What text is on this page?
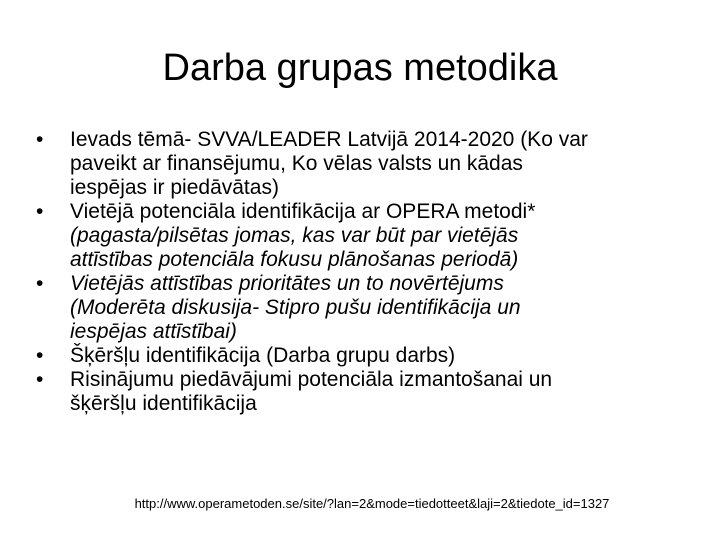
Darba grupas metodika
•	Ievads tēmā- SVVA/LEADER Latvijā 2014-2020 (Ko var
paveikt ar finansējumu, Ko vēlas valsts un kādas
iespējas ir piedāvātas)
•	Vietējā potenciāla identifikācija ar OPERA metodi*
(pagasta/pilsētas jomas, kas var būt par vietējās
attīstības potenciāla fokusu plānošanas periodā)
•	Vietējās attīstības prioritātes un to novērtējums
(Moderēta diskusija- Stipro pušu identifikācija un
iespējas attīstībai)
•	Šķēršļu identifikācija (Darba grupu darbs)
•	Risinājumu piedāvājumi potenciāla izmantošanai un
šķēršļu identifikācija
http://www.operametoden.se/site/?lan=2&mode=tiedotteet&laji=2&tiedote_id=1327
